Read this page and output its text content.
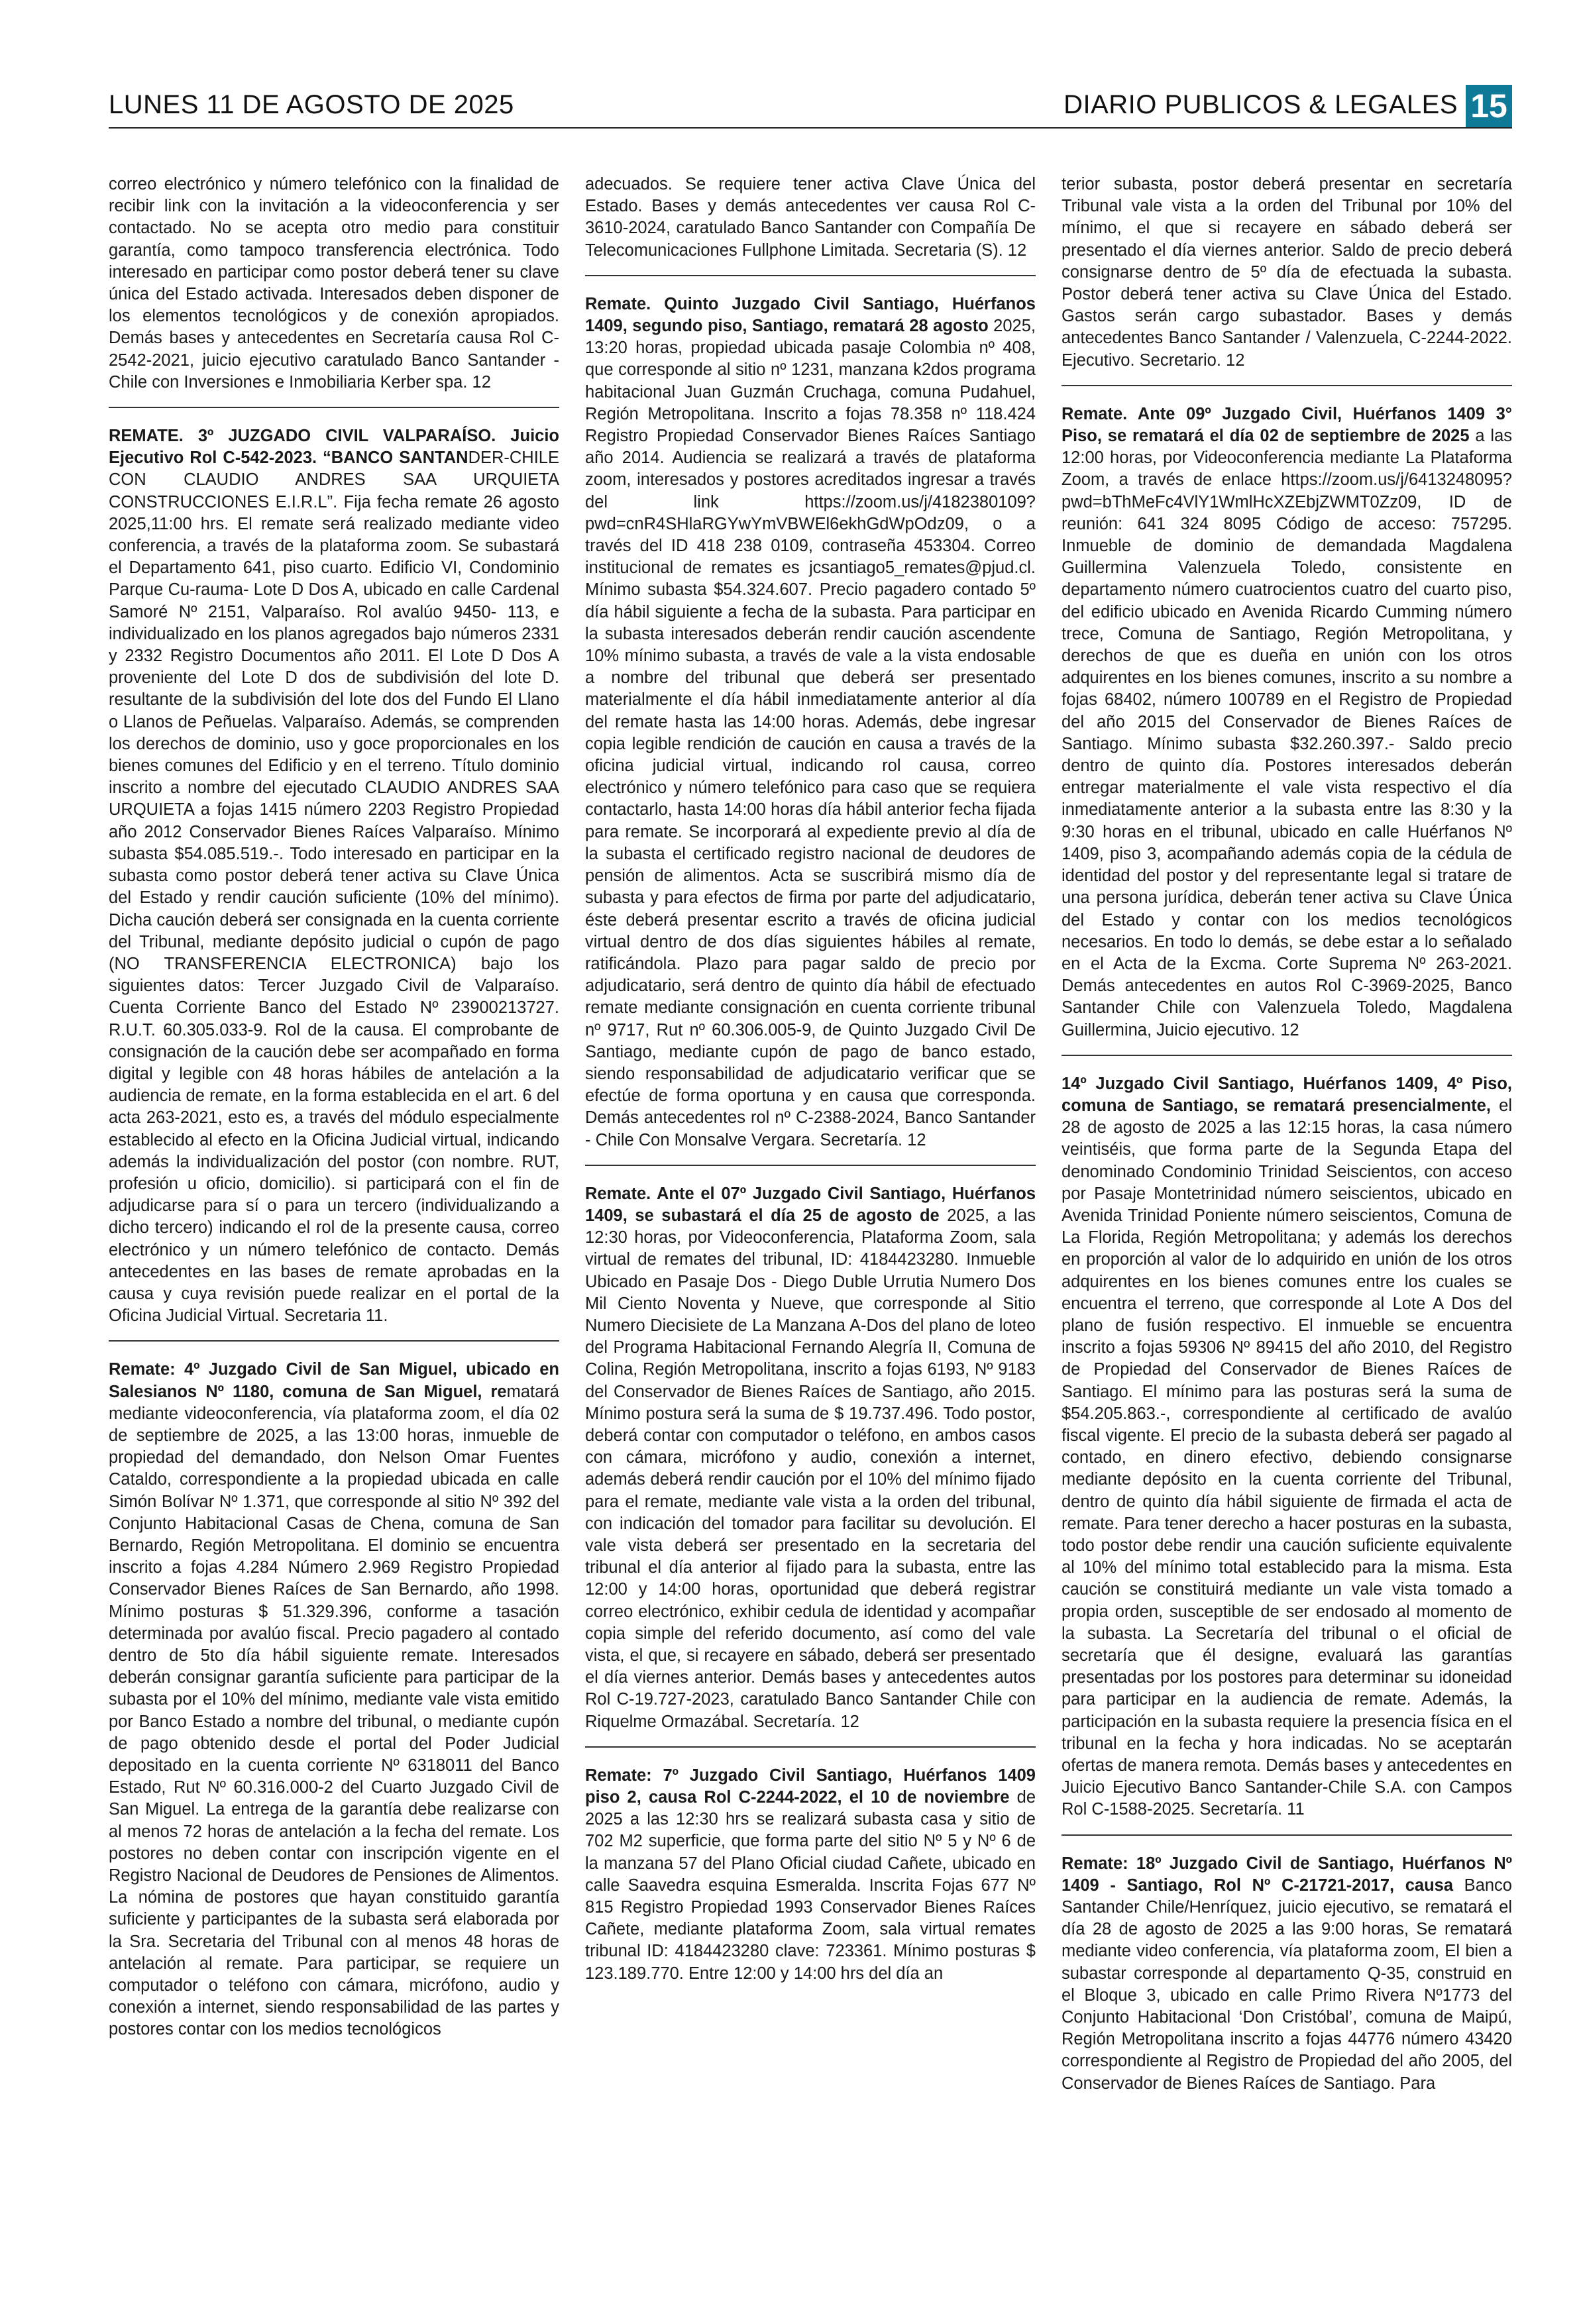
LUNES 11 DE AGOSTO DE 2025	DIARIO PUBLICOS & LEGALES 15

correo electrónico y número telefónico con la finalidad de recibir link con la invitación a la videoconferencia y ser contactado. No se acepta otro medio para constituir garantía, como tampoco transferencia electrónica. Todo interesado en participar como postor deberá tener su clave única del Estado activada. Interesados deben disponer de los elementos tecnológicos y de conexión apropiados. Demás bases y antecedentes en Secretaría causa Rol C-2542-2021, juicio ejecutivo caratulado Banco Santander - Chile con Inversiones e Inmobiliaria Kerber spa. 12

REMATE. 3º JUZGADO CIVIL VALPARAÍSO. Juicio Ejecutivo Rol C-542-2023. “BANCO SANTANDER-CHILE CON CLAUDIO ANDRES SAA URQUIETA CONSTRUCCIONES E.I.R.L”. Fija fecha remate 26 agosto 2025,11:00 hrs. El remate será realizado mediante video conferencia, a través de la plataforma zoom. Se subastará el Departamento 641, piso cuarto. Edificio VI, Condominio Parque Cu-rauma- Lote D Dos A, ubicado en calle Cardenal Samoré Nº 2151, Valparaíso. Rol avalúo 9450- 113, e individualizado en los planos agregados bajo números 2331 y 2332 Registro Documentos año 2011. El Lote D Dos A proveniente del Lote D dos de subdivisión del lote D. resultante de la subdivisión del lote dos del Fundo El Llano o Llanos de Peñuelas. Valparaíso. Además, se comprenden los derechos de dominio, uso y goce proporcionales en los bienes comunes del Edificio y en el terreno. Título dominio inscrito a nombre del ejecutado CLAUDIO ANDRES SAA URQUIETA a fojas 1415 número 2203 Registro Propiedad año 2012 Conservador Bienes Raíces Valparaíso. Mínimo subasta $54.085.519.-. Todo interesado en participar en la subasta como postor deberá tener activa su Clave Única del Estado y rendir caución suficiente (10% del mínimo). Dicha caución deberá ser consignada en la cuenta corriente del Tribunal, mediante depósito judicial o cupón de pago (NO TRANSFERENCIA ELECTRONICA) bajo los siguientes datos: Tercer Juzgado Civil de Valparaíso. Cuenta Corriente Banco del Estado Nº 23900213727. R.U.T. 60.305.033-9. Rol de la causa. El comprobante de consignación de la caución debe ser acompañado en forma digital y legible con 48 horas hábiles de antelación a la audiencia de remate, en la forma establecida en el art. 6 del acta 263-2021, esto es, a través del módulo especialmente establecido al efecto en la Oficina Judicial virtual, indicando además la individualización del postor (con nombre. RUT, profesión u oficio, domicilio). si participará con el fin de adjudicarse para sí o para un tercero (individualizando a dicho tercero) indicando el rol de la presente causa, correo electrónico y un número telefónico de contacto. Demás antecedentes en las bases de remate aprobadas en la causa y cuya revisión puede realizar en el portal de la Oficina Judicial Virtual. Secretaria 11.

Remate: 4º Juzgado Civil de San Miguel, ubicado en Salesianos Nº 1180, comuna de San Miguel, rematará mediante videoconferencia, vía plataforma zoom, el día 02 de septiembre de 2025, a las 13:00 horas, inmueble de propiedad del demandado, don Nelson Omar Fuentes Cataldo, correspondiente a la propiedad ubicada en calle Simón Bolívar Nº 1.371, que corresponde al sitio Nº 392 del Conjunto Habitacional Casas de Chena, comuna de San Bernardo, Región Metropolitana. El dominio se encuentra inscrito a fojas 4.284 Número 2.969 Registro Propiedad Conservador Bienes Raíces de San Bernardo, año 1998. Mínimo posturas $ 51.329.396, conforme a tasación determinada por avalúo fiscal. Precio pagadero al contado dentro de 5to día hábil siguiente remate. Interesados deberán consignar garantía suficiente para participar de la subasta por el 10% del mínimo, mediante vale vista emitido por Banco Estado a nombre del tribunal, o mediante cupón de pago obtenido desde el portal del Poder Judicial depositado en la cuenta corriente Nº 6318011 del Banco Estado, Rut Nº 60.316.000-2 del Cuarto Juzgado Civil de San Miguel. La entrega de la garantía debe realizarse con al menos 72 horas de antelación a la fecha del remate. Los postores no deben contar con inscripción vigente en el Registro Nacional de Deudores de Pensiones de Alimentos. La nómina de postores que hayan constituido garantía suficiente y participantes de la subasta será elaborada por la Sra. Secretaria del Tribunal con al menos 48 horas de antelación al remate. Para participar, se requiere un computador o teléfono con cámara, micrófono, audio y conexión a internet, siendo responsabilidad de las partes y postores contar con los medios tecnológicos

adecuados. Se requiere tener activa Clave Única del Estado. Bases y demás antecedentes ver causa Rol C-3610-2024, caratulado Banco Santander con Compañía De Telecomunicaciones Fullphone Limitada. Secretaria (S). 12

Remate. Quinto Juzgado Civil Santiago, Huérfanos 1409, segundo piso, Santiago, rematará 28 agosto 2025, 13:20 horas, propiedad ubicada pasaje Colombia nº 408, que corresponde al sitio nº 1231, manzana k2dos programa habitacional Juan Guzmán Cruchaga, comuna Pudahuel, Región Metropolitana. Inscrito a fojas 78.358 nº 118.424 Registro Propiedad Conservador Bienes Raíces Santiago año 2014. Audiencia se realizará a través de plataforma zoom, interesados y postores acreditados ingresar a través del link https://zoom.us/j/4182380109?pwd=cnR4SHlaRGYwYmVBWEl6ekhGdWpOdz09, o a través del ID 418 238 0109, contraseña 453304. Correo institucional de remates es jcsantiago5_remates@pjud.cl. Mínimo subasta $54.324.607. Precio pagadero contado 5º día hábil siguiente a fecha de la subasta. Para participar en la subasta interesados deberán rendir caución ascendente 10% mínimo subasta, a través de vale a la vista endosable a nombre del tribunal que deberá ser presentado materialmente el día hábil inmediatamente anterior al día del remate hasta las 14:00 horas. Además, debe ingresar copia legible rendición de caución en causa a través de la oficina judicial virtual, indicando rol causa, correo electrónico y número telefónico para caso que se requiera contactarlo, hasta 14:00 horas día hábil anterior fecha fijada para remate. Se incorporará al expediente previo al día de la subasta el certificado registro nacional de deudores de pensión de alimentos. Acta se suscribirá mismo día de subasta y para efectos de firma por parte del adjudicatario, éste deberá presentar escrito a través de oficina judicial virtual dentro de dos días siguientes hábiles al remate, ratificándola. Plazo para pagar saldo de precio por adjudicatario, será dentro de quinto día hábil de efectuado remate mediante consignación en cuenta corriente tribunal nº 9717, Rut nº 60.306.005-9, de Quinto Juzgado Civil De Santiago, mediante cupón de pago de banco estado, siendo responsabilidad de adjudicatario verificar que se efectúe de forma oportuna y en causa que corresponda. Demás antecedentes rol nº C-2388-2024, Banco Santander - Chile Con Monsalve Vergara. Secretaría. 12

Remate. Ante el 07º Juzgado Civil Santiago, Huérfanos 1409, se subastará el día 25 de agosto de 2025, a las 12:30 horas, por Videoconferencia, Plataforma Zoom, sala virtual de remates del tribunal, ID: 4184423280. Inmueble Ubicado en Pasaje Dos - Diego Duble Urrutia Numero Dos Mil Ciento Noventa y Nueve, que corresponde al Sitio Numero Diecisiete de La Manzana A-Dos del plano de loteo del Programa Habitacional Fernando Alegría II, Comuna de Colina, Región Metropolitana, inscrito a fojas 6193, Nº 9183 del Conservador de Bienes Raíces de Santiago, año 2015. Mínimo postura será la suma de $ 19.737.496. Todo postor, deberá contar con computador o teléfono, en ambos casos con cámara, micrófono y audio, conexión a internet, además deberá rendir caución por el 10% del mínimo fijado para el remate, mediante vale vista a la orden del tribunal, con indicación del tomador para facilitar su devolución. El vale vista deberá ser presentado en la secretaria del tribunal el día anterior al fijado para la subasta, entre las 12:00 y 14:00 horas, oportunidad que deberá registrar correo electrónico, exhibir cedula de identidad y acompañar copia simple del referido documento, así como del vale vista, el que, si recayere en sábado, deberá ser presentado el día viernes anterior. Demás bases y antecedentes autos Rol C-19.727-2023, caratulado Banco Santander Chile con Riquelme Ormazábal. Secretaría. 12

Remate: 7º Juzgado Civil Santiago, Huérfanos 1409 piso 2, causa Rol C-2244-2022, el 10 de noviembre de 2025 a las 12:30 hrs se realizará subasta casa y sitio de 702 M2 superficie, que forma parte del sitio Nº 5 y Nº 6 de la manzana 57 del Plano Oficial ciudad Cañete, ubicado en calle Saavedra esquina Esmeralda. Inscrita Fojas 677 Nº 815 Registro Propiedad 1993 Conservador Bienes Raíces Cañete, mediante plataforma Zoom, sala virtual remates tribunal ID: 4184423280 clave: 723361. Mínimo posturas $ 123.189.770. Entre 12:00 y 14:00 hrs del día an

terior subasta, postor deberá presentar en secretaría Tribunal vale vista a la orden del Tribunal por 10% del mínimo, el que si recayere en sábado deberá ser presentado el día viernes anterior. Saldo de precio deberá consignarse dentro de 5º día de efectuada la subasta. Postor deberá tener activa su Clave Única del Estado. Gastos serán cargo subastador. Bases y demás antecedentes Banco Santander / Valenzuela, C-2244-2022. Ejecutivo. Secretario. 12

Remate. Ante 09º Juzgado Civil, Huérfanos 1409 3° Piso, se rematará el día 02 de septiembre de 2025 a las 12:00 horas, por Videoconferencia mediante La Plataforma Zoom, a través de enlace https://zoom.us/j/6413248095?pwd=bThMeFc4VlY1WmlHcXZEbjZWMT0Zz09, ID de reunión: 641 324 8095 Código de acceso: 757295. Inmueble de dominio de demandada Magdalena Guillermina Valenzuela Toledo, consistente en departamento número cuatrocientos cuatro del cuarto piso, del edificio ubicado en Avenida Ricardo Cumming número trece, Comuna de Santiago, Región Metropolitana, y derechos de que es dueña en unión con los otros adquirentes en los bienes comunes, inscrito a su nombre a fojas 68402, número 100789 en el Registro de Propiedad del año 2015 del Conservador de Bienes Raíces de Santiago. Mínimo subasta $32.260.397.- Saldo precio dentro de quinto día. Postores interesados deberán entregar materialmente el vale vista respectivo el día inmediatamente anterior a la subasta entre las 8:30 y la 9:30 horas en el tribunal, ubicado en calle Huérfanos Nº 1409, piso 3, acompañando además copia de la cédula de identidad del postor y del representante legal si tratare de una persona jurídica, deberán tener activa su Clave Única del Estado y contar con los medios tecnológicos necesarios. En todo lo demás, se debe estar a lo señalado en el Acta de la Excma. Corte Suprema Nº 263-2021. Demás antecedentes en autos Rol C-3969-2025, Banco Santander Chile con Valenzuela Toledo, Magdalena Guillermina, Juicio ejecutivo. 12

14º Juzgado Civil Santiago, Huérfanos 1409, 4º Piso, comuna de Santiago, se rematará presencialmente, el 28 de agosto de 2025 a las 12:15 horas, la casa número veintiséis, que forma parte de la Segunda Etapa del denominado Condominio Trinidad Seiscientos, con acceso por Pasaje Montetrinidad número seiscientos, ubicado en Avenida Trinidad Poniente número seiscientos, Comuna de La Florida, Región Metropolitana; y además los derechos en proporción al valor de lo adquirido en unión de los otros adquirentes en los bienes comunes entre los cuales se encuentra el terreno, que corresponde al Lote A Dos del plano de fusión respectivo. El inmueble se encuentra inscrito a fojas 59306 Nº 89415 del año 2010, del Registro de Propiedad del Conservador de Bienes Raíces de Santiago. El mínimo para las posturas será la suma de $54.205.863.-, correspondiente al certificado de avalúo fiscal vigente. El precio de la subasta deberá ser pagado al contado, en dinero efectivo, debiendo consignarse mediante depósito en la cuenta corriente del Tribunal, dentro de quinto día hábil siguiente de firmada el acta de remate. Para tener derecho a hacer posturas en la subasta, todo postor debe rendir una caución suficiente equivalente al 10% del mínimo total establecido para la misma. Esta caución se constituirá mediante un vale vista tomado a propia orden, susceptible de ser endosado al momento de la subasta. La Secretaría del tribunal o el oficial de secretaría que él designe, evaluará las garantías presentadas por los postores para determinar su idoneidad para participar en la audiencia de remate. Además, la participación en la subasta requiere la presencia física en el tribunal en la fecha y hora indicadas. No se aceptarán ofertas de manera remota. Demás bases y antecedentes en Juicio Ejecutivo Banco Santander-Chile S.A. con Campos Rol C-1588-2025. Secretaría. 11

Remate: 18º Juzgado Civil de Santiago, Huérfanos Nº 1409 - Santiago, Rol Nº C-21721-2017, causa Banco Santander Chile/Henríquez, juicio ejecutivo, se rematará el día 28 de agosto de 2025 a las 9:00 horas, Se rematará mediante video conferencia, vía plataforma zoom, El bien a subastar corresponde al departamento Q-35, construid en el Bloque 3, ubicado en calle Primo Rivera Nº1773 del Conjunto Habitacional ‘Don Cristóbal’, comuna de Maipú, Región Metropolitana inscrito a fojas 44776 número 43420 correspondiente al Registro de Propiedad del año 2005, del Conservador de Bienes Raíces de Santiago. Para
